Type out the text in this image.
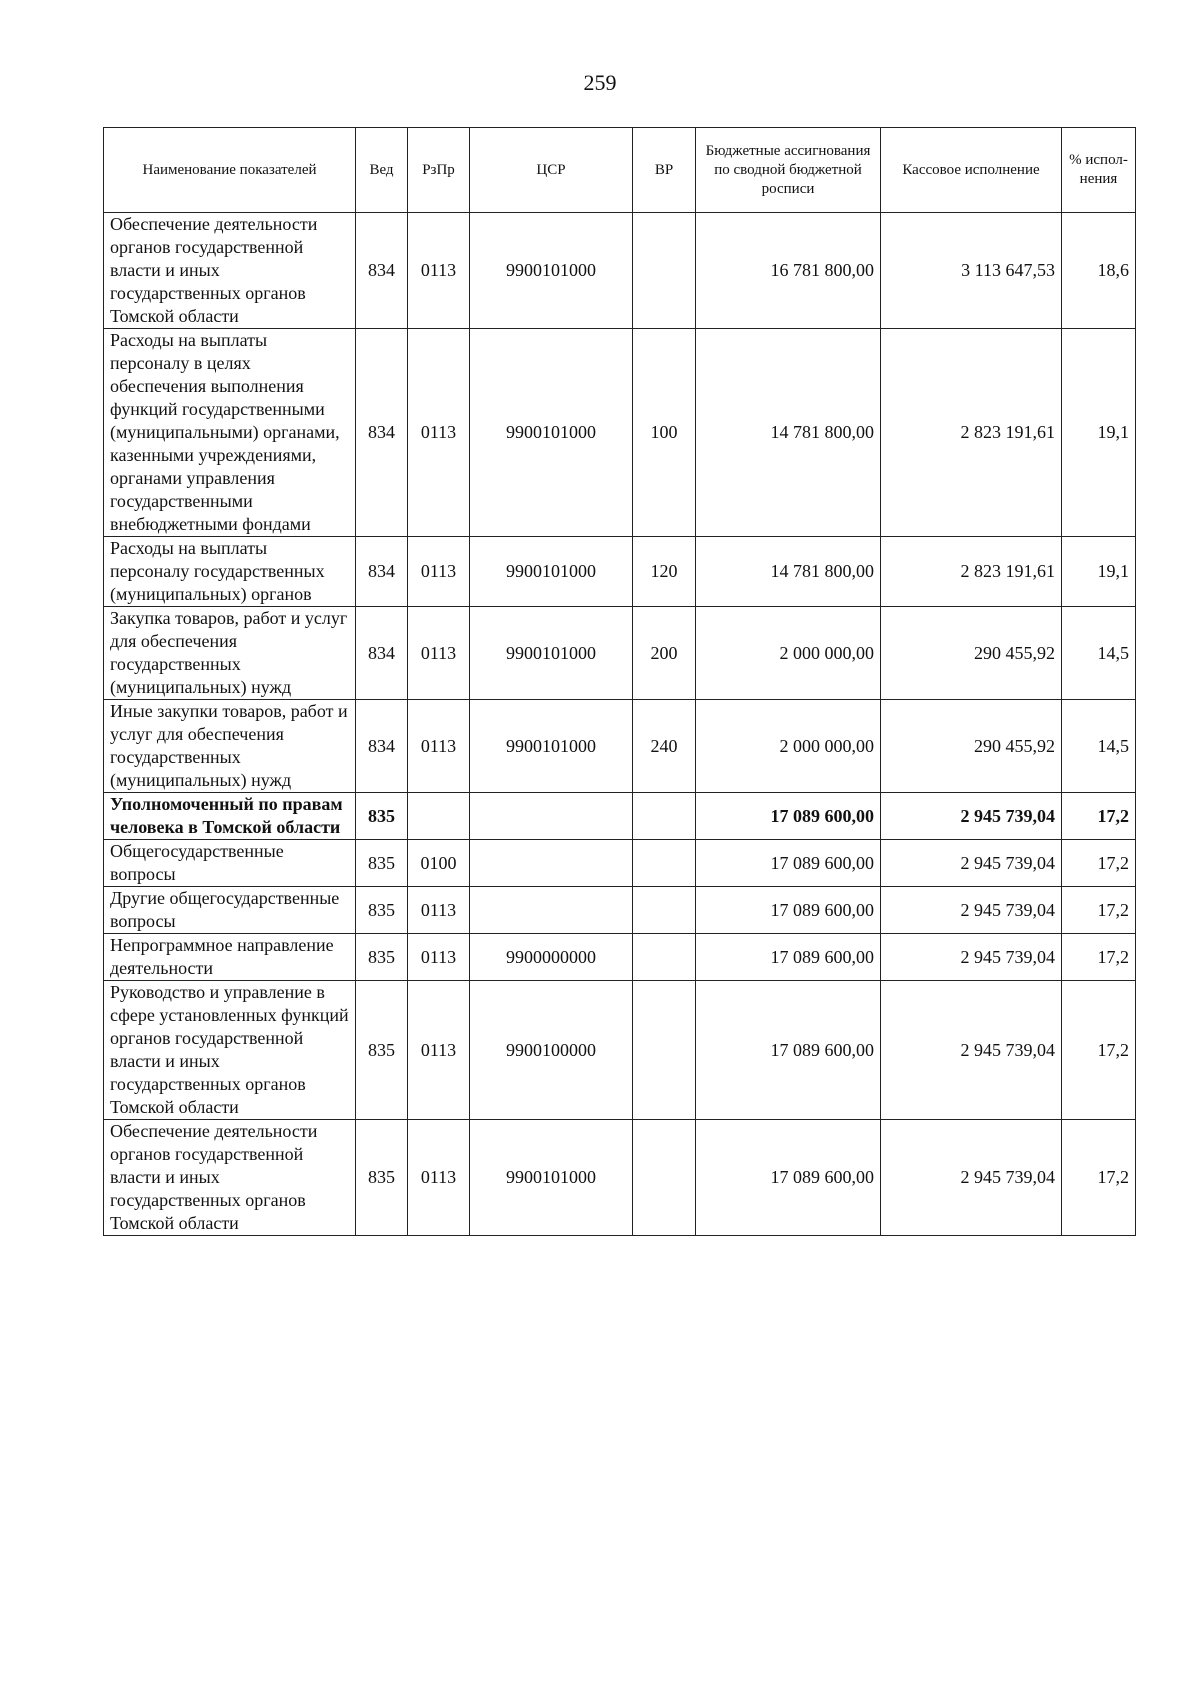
259
Наименование показателей	Вед	РзПр	ЦСР	ВР	Бюджетные ассигнования по сводной бюджетной росписи	Кассовое исполнение	% испол-нения
Обеспечение деятельности органов государственной власти и иных государственных органов Томской области	834	0113	9900101000		16 781 800,00	3 113 647,53	18,6
Расходы на выплаты персоналу в целях обеспечения выполнения функций государственными (муниципальными) органами, казенными учреждениями, органами управления государственными внебюджетными фондами	834	0113	9900101000	100	14 781 800,00	2 823 191,61	19,1
Расходы на выплаты персоналу государственных (муниципальных) органов	834	0113	9900101000	120	14 781 800,00	2 823 191,61	19,1
Закупка товаров, работ и услуг для обеспечения государственных (муниципальных) нужд	834	0113	9900101000	200	2 000 000,00	290 455,92	14,5
Иные закупки товаров, работ и услуг для обеспечения государственных (муниципальных) нужд	834	0113	9900101000	240	2 000 000,00	290 455,92	14,5
Уполномоченный по правам человека в Томской области	835				17 089 600,00	2 945 739,04	17,2
Общегосударственные вопросы	835	0100			17 089 600,00	2 945 739,04	17,2
Другие общегосударственные вопросы	835	0113			17 089 600,00	2 945 739,04	17,2
Непрограммное направление деятельности	835	0113	9900000000		17 089 600,00	2 945 739,04	17,2
Руководство и управление в сфере установленных функций органов государственной власти и иных государственных органов Томской области	835	0113	9900100000		17 089 600,00	2 945 739,04	17,2
Обеспечение деятельности органов государственной власти и иных государственных органов Томской области	835	0113	9900101000		17 089 600,00	2 945 739,04	17,2
